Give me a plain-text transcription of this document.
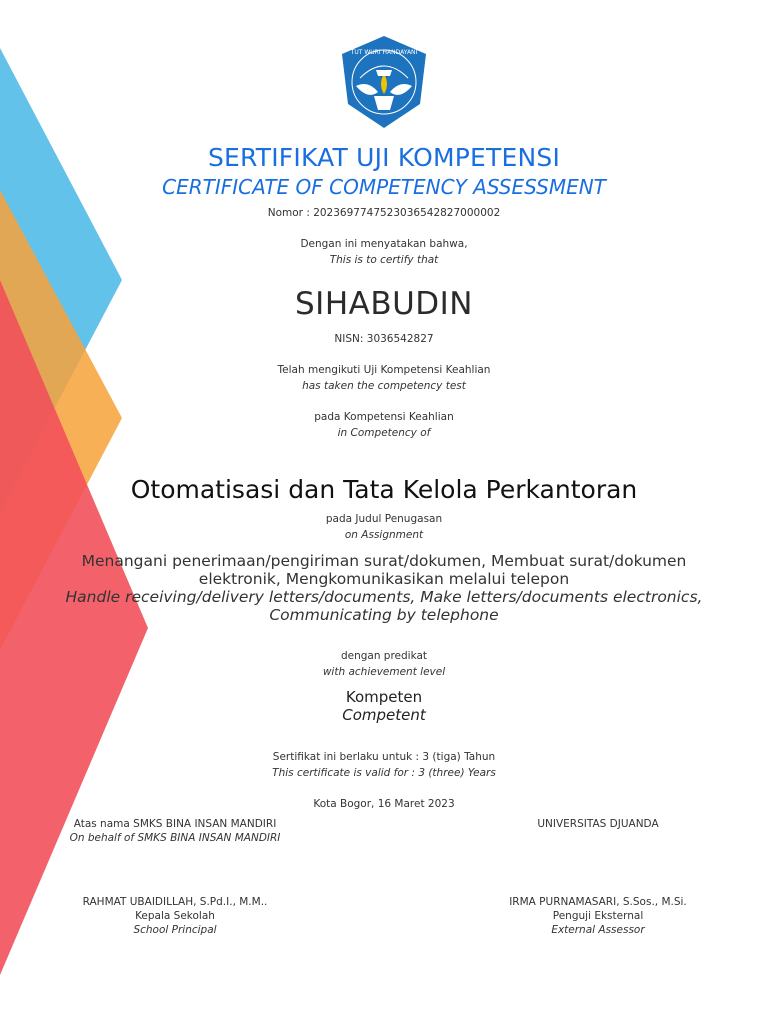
TUT WURI HANDAYANI
SERTIFIKAT UJI KOMPETENSI
CERTIFICATE OF COMPETENCY ASSESSMENT
Nomor : 2023697747523036542827000002
Dengan ini menyatakan bahwa,
This is to certify that
SIHABUDIN
NISN: 3036542827
Telah mengikuti Uji Kompetensi Keahlian
has taken the competency test
pada Kompetensi Keahlian
in Competency of
Otomatisasi dan Tata Kelola Perkantoran
pada Judul Penugasan
on Assignment
Menangani penerimaan/pengiriman surat/dokumen, Membuat surat/dokumen
elektronik, Mengkomunikasikan melalui telepon
Handle receiving/delivery letters/documents, Make letters/documents electronics,
Communicating by telephone
dengan predikat
with achievement level
Kompeten
Competent
Sertifikat ini berlaku untuk : 3 (tiga) Tahun
This certificate is valid for : 3 (three) Years
Kota Bogor, 16 Maret 2023
Atas nama SMKS BINA INSAN MANDIRI
On behalf of SMKS BINA INSAN MANDIRI
RAHMAT UBAIDILLAH, S.Pd.I., M.M..
Kepala Sekolah
School Principal
UNIVERSITAS DJUANDA
IRMA PURNAMASARI, S.Sos., M.Si.
Penguji Eksternal
External Assessor
